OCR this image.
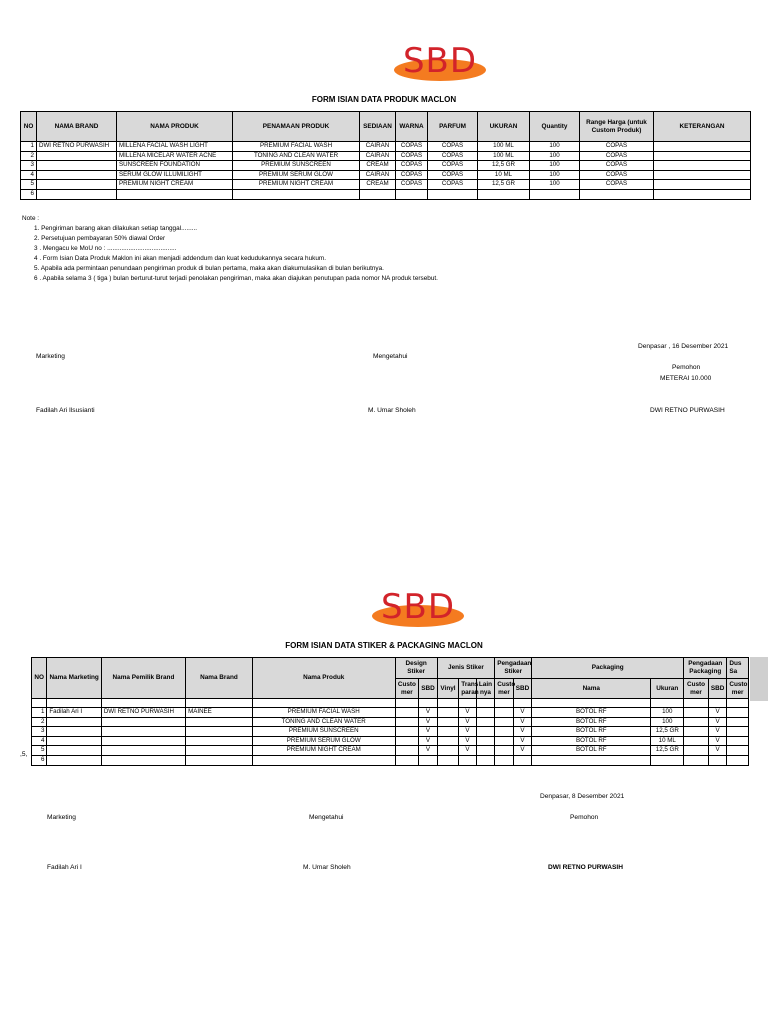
SBD
FORM ISIAN DATA PRODUK MACLON
NO	NAMA BRAND	NAMA PRODUK	PENAMAAN PRODUK	SEDIAAN	WARNA	PARFUM	UKURAN	Quantity	Range Harga (untuk Custom Produk)	KETERANGAN
1	DWI RETNO PURWASIH	MILLENA FACIAL WASH LIGHT	PREMIUM FACIAL WASH	CAIRAN	COPAS	COPAS	100 ML	100	COPAS	
2		MILLENA MICELAR WATER ACNE	TONING AND CLEAN WATER	CAIRAN	COPAS	COPAS	100 ML	100	COPAS	
3		SUNSCREEN FOUNDATION	PREMIUM SUNSCREEN	CREAM	COPAS	COPAS	12,5 GR	100	COPAS	
4		SERUM GLOW ILLUMILIGHT	PREMIUM SERUM GLOW	CAIRAN	COPAS	COPAS	10 ML	100	COPAS	
5		PREMIUM NIGHT CREAM	PREMIUM NIGHT CREAM	CREAM	COPAS	COPAS	12,5 GR	100	COPAS	
6										
Note :
1. Pengiriman barang akan dilakukan setiap tanggal.........
2. Persetujuan pembayaran 50% diawal Order
3 . Mengacu ke MoU no : .......................................
4 . Form Isian Data Produk Maklon ini akan menjadi addendum dan kuat kedudukannya secara hukum.
5. Apabila ada permintaan penundaan pengiriman produk di bulan pertama, maka akan diakumulasikan di bulan berikutnya.
6 . Apabila selama 3 ( tiga ) bulan berturut-turut terjadi penolakan pengiriman, maka akan diajukan penutupan pada nomor NA produk tersebut.
Denpasar , 16 Desember 2021
Marketing	Mengetahui
Pemohon
METERAI 10.000
Fadilah Ari Ilsusianti	M. Umar Sholeh	DWI RETNO PURWASIH
SBD
FORM ISIAN DATA STIKER & PACKAGING MACLON
NO	Nama Marketing	Nama Pemilik Brand	Nama Brand	Nama Produk	Design Stiker		Jenis Stiker			Pengadaan Stiker		Packaging		Pengadaan Packaging		Dus Sa
					Custo mer	SBD	Vinyl	Trans paran	Lain nya	Custo mer	SBD	Nama	Ukuran	Custo mer	SBD	Custo mer

1	Fadilah Ari I	DWI RETNO PURWASIH	MAINEE	PREMIUM FACIAL WASH		V		V			V	BOTOL RF	100		V	
2				TONING AND CLEAN WATER		V		V			V	BOTOL RF	100		V	
3				PREMIUM SUNSCREEN		V		V			V	BOTOL RF	12,5 GR		V	
4				PREMIUM SERUM GLOW		V		V			V	BOTOL RF	10 ML		V	
5				PREMIUM NIGHT CREAM		V		V			V	BOTOL RF	12,5 GR		V	
6																
,5,
Denpasar, 8 Desember 2021
Marketing	Mengetahui	Pemohon
Fadilah Ari I	M. Umar Sholeh	DWI RETNO PURWASIH
